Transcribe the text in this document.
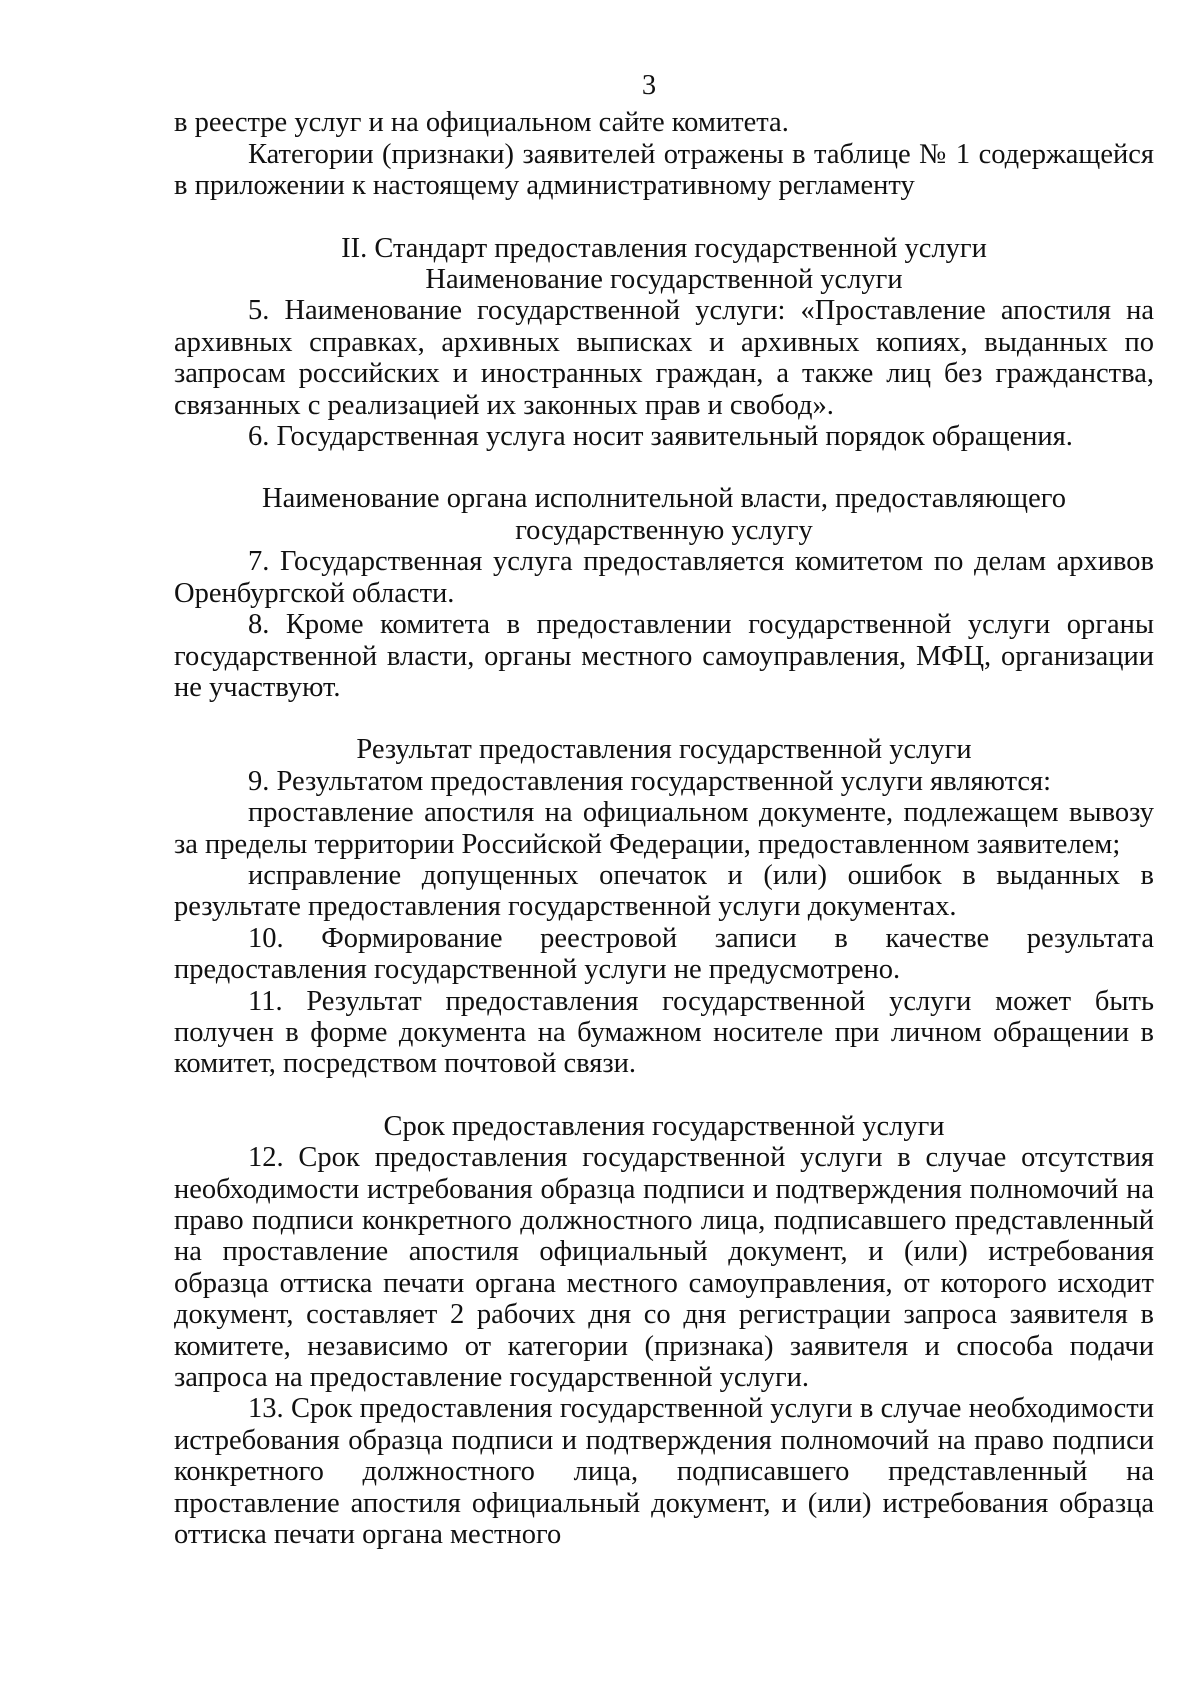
3

в реестре услуг и на официальном сайте комитета.

Категории (признаки) заявителей отражены в таблице № 1 содержащейся в приложении к настоящему административному регламенту

II. Стандарт предоставления государственной услуги
Наименование государственной услуги

5. Наименование государственной услуги: «Проставление апостиля на архивных справках, архивных выписках и архивных копиях, выданных по запросам российских и иностранных граждан, а также лиц без гражданства, связанных с реализацией их законных прав и свобод».

6. Государственная услуга носит заявительный порядок обращения.

Наименование органа исполнительной власти, предоставляющего государственную услугу

7. Государственная услуга предоставляется комитетом по делам архивов Оренбургской области.

8. Кроме комитета в предоставлении государственной услуги органы государственной власти, органы местного самоуправления, МФЦ, организации не участвуют.

Результат предоставления государственной услуги

9. Результатом предоставления государственной услуги являются:

проставление апостиля на официальном документе, подлежащем вывозу за пределы территории Российской Федерации, предоставленном заявителем;

исправление допущенных опечаток и (или) ошибок в выданных в результате предоставления государственной услуги документах.

10. Формирование реестровой записи в качестве результата предоставления государственной услуги не предусмотрено.

11. Результат предоставления государственной услуги может быть получен в форме документа на бумажном носителе при личном обращении в комитет, посредством почтовой связи.

Срок предоставления государственной услуги

12. Срок предоставления государственной услуги в случае отсутствия необходимости истребования образца подписи и подтверждения полномочий на право подписи конкретного должностного лица, подписавшего представленный на проставление апостиля официальный документ, и (или) истребования образца оттиска печати органа местного самоуправления, от которого исходит документ, составляет 2 рабочих дня со дня регистрации запроса заявителя в комитете, независимо от категории (признака) заявителя и способа подачи запроса на предоставление государственной услуги.

13. Срок предоставления государственной услуги в случае необходимости истребования образца подписи и подтверждения полномочий на право подписи конкретного должностного лица, подписавшего представленный на проставление апостиля официальный документ, и (или) истребования образца оттиска печати органа местного
